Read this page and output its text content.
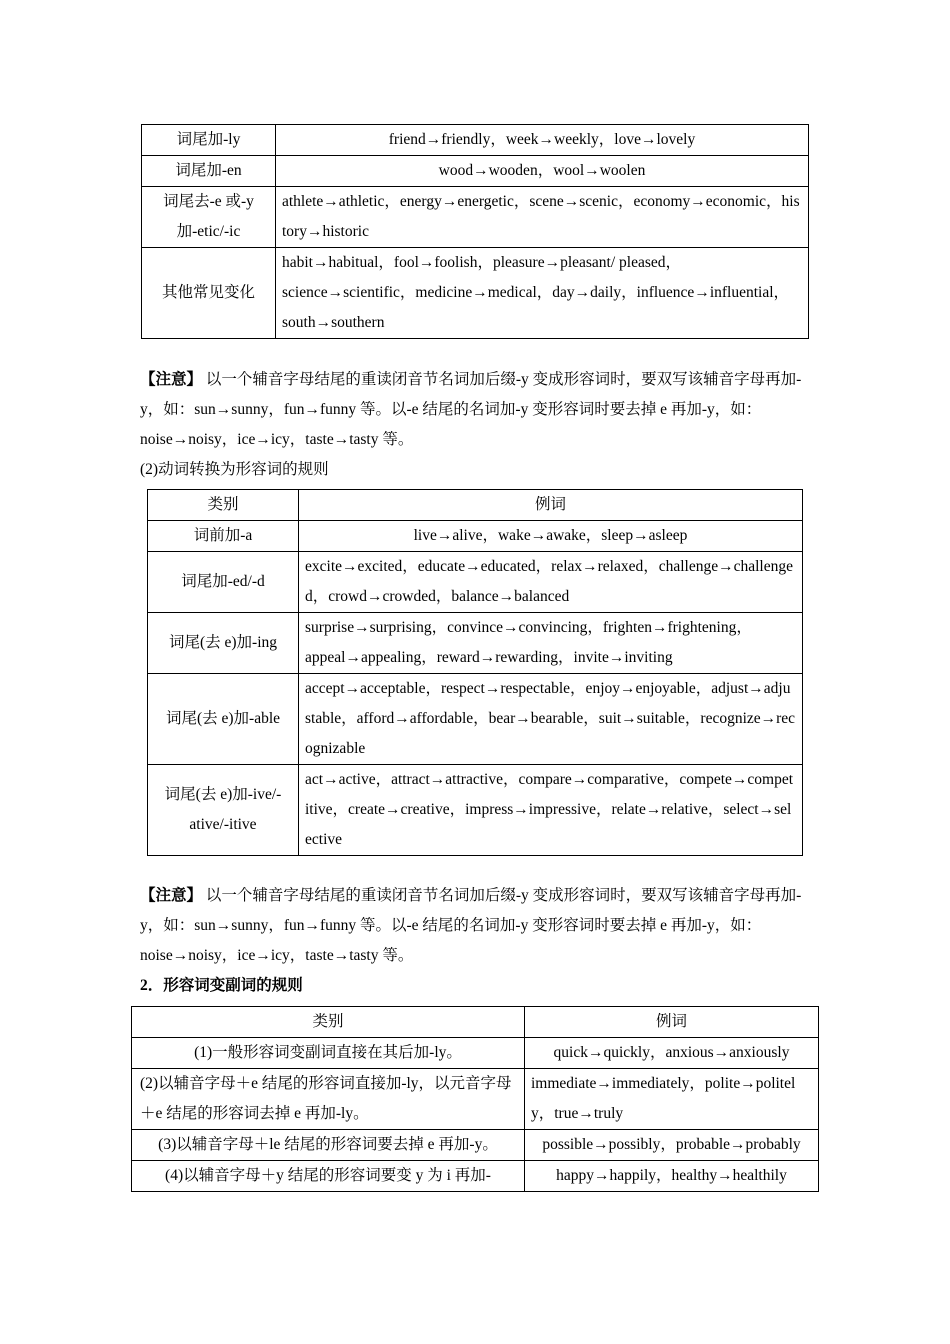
词尾加-ly	friend→friendly，week→weekly，love→lovely
词尾加-en	wood→wooden，wool→woolen
词尾去-e 或-y 加-etic/-ic	athlete→athletic，energy→energetic，scene→scenic，economy→economic，history→historic
其他常见变化	habit→habitual，fool→foolish，pleasure→pleasant/ pleased，science→scientific，medicine→medical，day→daily，influence→influential，south→southern
【注意】 以一个辅音字母结尾的重读闭音节名词加后缀-y 变成形容词时，要双写该辅音字母再加-y，如：sun→sunny，fun→funny 等。以-e 结尾的名词加-y 变形容词时要去掉 e 再加-y，如：noise→noisy，ice→icy，taste→tasty 等。
(2)动词转换为形容词的规则
类别	例词
词前加-a	live→alive，wake→awake，sleep→asleep
词尾加-ed/-d	excite→excited，educate→educated，relax→relaxed，challenge→challenged，crowd→crowded，balance→balanced
词尾(去 e)加-ing	surprise→surprising，convince→convincing，frighten→frightening，appeal→appealing，reward→rewarding，invite→inviting
词尾(去 e)加-able	accept→acceptable，respect→respectable，enjoy→enjoyable，adjust→adjustable，afford→affordable，bear→bearable，suit→suitable，recognize→recognizable
词尾(去 e)加-ive/-ative/-itive	act→active，attract→attractive，compare→comparative，compete→competitive，create→creative，impress→impressive，relate→relative，select→selective
【注意】 以一个辅音字母结尾的重读闭音节名词加后缀-y 变成形容词时，要双写该辅音字母再加-y，如：sun→sunny，fun→funny 等。以-e 结尾的名词加-y 变形容词时要去掉 e 再加-y，如：noise→noisy，ice→icy，taste→tasty 等。
2．形容词变副词的规则
类别	例词
(1)一般形容词变副词直接在其后加-ly。	quick→quickly，anxious→anxiously
(2)以辅音字母＋e 结尾的形容词直接加-ly，以元音字母＋e 结尾的形容词去掉 e 再加-ly。	immediate→immediately，polite→politely，true→truly
(3)以辅音字母＋le 结尾的形容词要去掉 e 再加-y。	possible→possibly，probable→probably
(4)以辅音字母＋y 结尾的形容词要变 y 为 i 再加-	happy→happily，healthy→healthily
